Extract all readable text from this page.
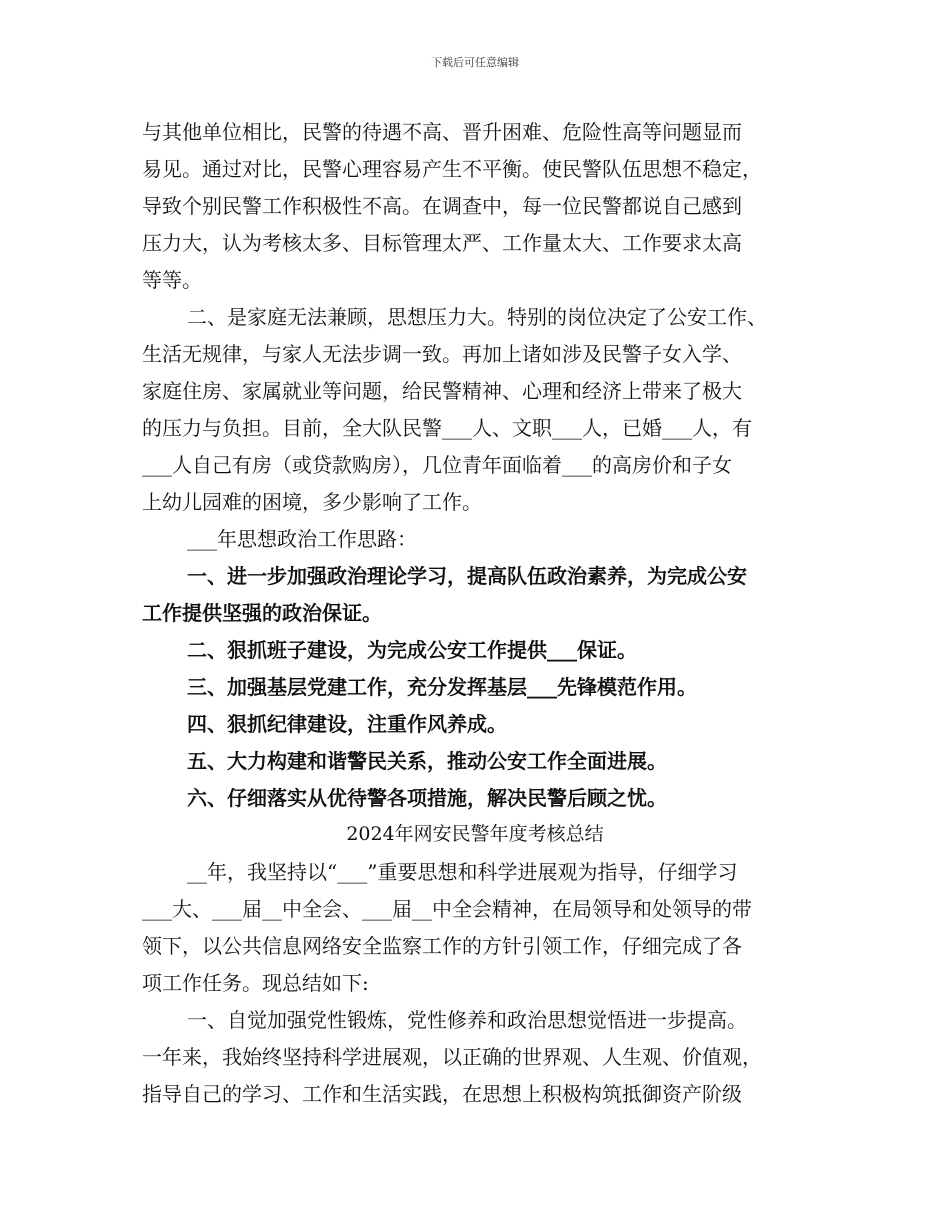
下载后可任意编辑
与其他单位相比，民警的待遇不高、晋升困难、危险性高等问题显而
易见。通过对比，民警心理容易产生不平衡。使民警队伍思想不稳定，
导致个别民警工作积极性不高。在调查中，每一位民警都说自己感到
压力大，认为考核太多、目标管理太严、工作量太大、工作要求太高
等等。
二、是家庭无法兼顾，思想压力大。特别的岗位决定了公安工作、
生活无规律，与家人无法步调一致。再加上诸如涉及民警子女入学、
家庭住房、家属就业等问题，给民警精神、心理和经济上带来了极大
的压力与负担。目前，全大队民警___人、文职___人，已婚___人，有
___人自己有房（或贷款购房），几位青年面临着___的高房价和子女
上幼儿园难的困境，多少影响了工作。
___年思想政治工作思路：
一、进一步加强政治理论学习，提高队伍政治素养，为完成公安
工作提供坚强的政治保证。
二、狠抓班子建设，为完成公安工作提供___保证。
三、加强基层党建工作，充分发挥基层___先锋模范作用。
四、狠抓纪律建设，注重作风养成。
五、大力构建和谐警民关系，推动公安工作全面进展。
六、仔细落实从优待警各项措施，解决民警后顾之忧。
2024年网安民警年度考核总结
__年，我坚持以“___”重要思想和科学进展观为指导，仔细学习
___大、___届__中全会、___届__中全会精神，在局领导和处领导的带
领下，以公共信息网络安全监察工作的方针引领工作，仔细完成了各
项工作任务。现总结如下:
一、自觉加强党性锻炼，党性修养和政治思想觉悟进一步提高。
一年来，我始终坚持科学进展观，以正确的世界观、人生观、价值观，
指导自己的学习、工作和生活实践，在思想上积极构筑抵御资产阶级
